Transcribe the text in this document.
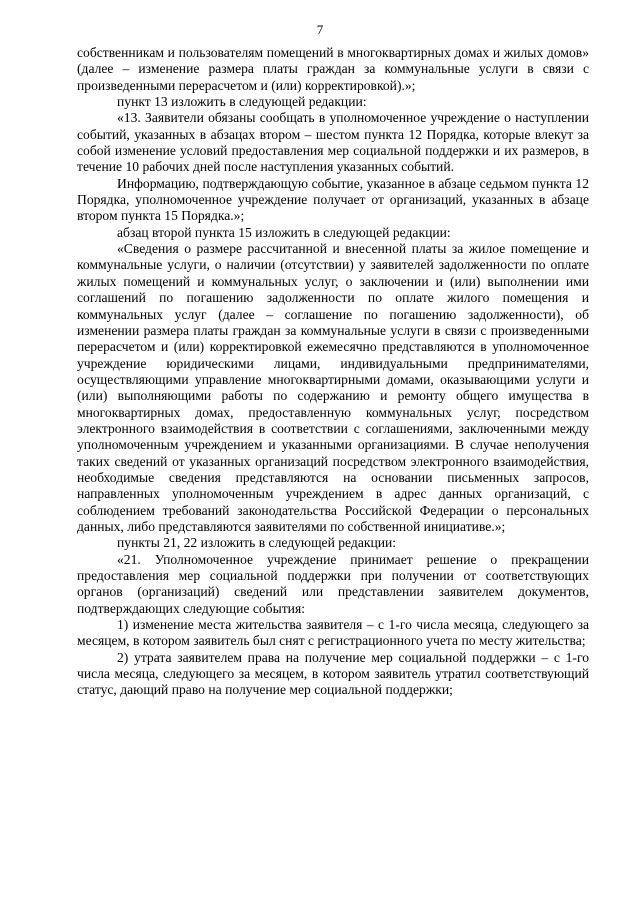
7

собственникам и пользователям помещений в многоквартирных домах и жилых домов» (далее – изменение размера платы граждан за коммунальные услуги в связи с произведенными перерасчетом и (или) корректировкой).»;

пункт 13 изложить в следующей редакции:

«13. Заявители обязаны сообщать в уполномоченное учреждение о наступлении событий, указанных в абзацах втором – шестом пункта 12 Порядка, которые влекут за собой изменение условий предоставления мер социальной поддержки и их размеров, в течение 10 рабочих дней после наступления указанных событий.

Информацию, подтверждающую событие, указанное в абзаце седьмом пункта 12 Порядка, уполномоченное учреждение получает от организаций, указанных в абзаце втором пункта 15 Порядка.»;

абзац второй пункта 15 изложить в следующей редакции:

«Сведения о размере рассчитанной и внесенной платы за жилое помещение и коммунальные услуги, о наличии (отсутствии) у заявителей задолженности по оплате жилых помещений и коммунальных услуг, о заключении и (или) выполнении ими соглашений по погашению задолженности по оплате жилого помещения и коммунальных услуг (далее – соглашение по погашению задолженности), об изменении размера платы граждан за коммунальные услуги в связи с произведенными перерасчетом и (или) корректировкой ежемесячно представляются в уполномоченное учреждение юридическими лицами, индивидуальными предпринимателями, осуществляющими управление многоквартирными домами, оказывающими услуги и (или) выполняющими работы по содержанию и ремонту общего имущества в многоквартирных домах, предоставленную коммунальных услуг, посредством электронного взаимодействия в соответствии с соглашениями, заключенными между уполномоченным учреждением и указанными организациями. В случае неполучения таких сведений от указанных организаций посредством электронного взаимодействия, необходимые сведения представляются на основании письменных запросов, направленных уполномоченным учреждением в адрес данных организаций, с соблюдением требований законодательства Российской Федерации о персональных данных, либо представляются заявителями по собственной инициативе.»;

пункты 21, 22 изложить в следующей редакции:

«21. Уполномоченное учреждение принимает решение о прекращении предоставления мер социальной поддержки при получении от соответствующих органов (организаций) сведений или представлении заявителем документов, подтверждающих следующие события:

1) изменение места жительства заявителя – с 1-го числа месяца, следующего за месяцем, в котором заявитель был снят с регистрационного учета по месту жительства;

2) утрата заявителем права на получение мер социальной поддержки – с 1-го числа месяца, следующего за месяцем, в котором заявитель утратил соответствующий статус, дающий право на получение мер социальной поддержки;
